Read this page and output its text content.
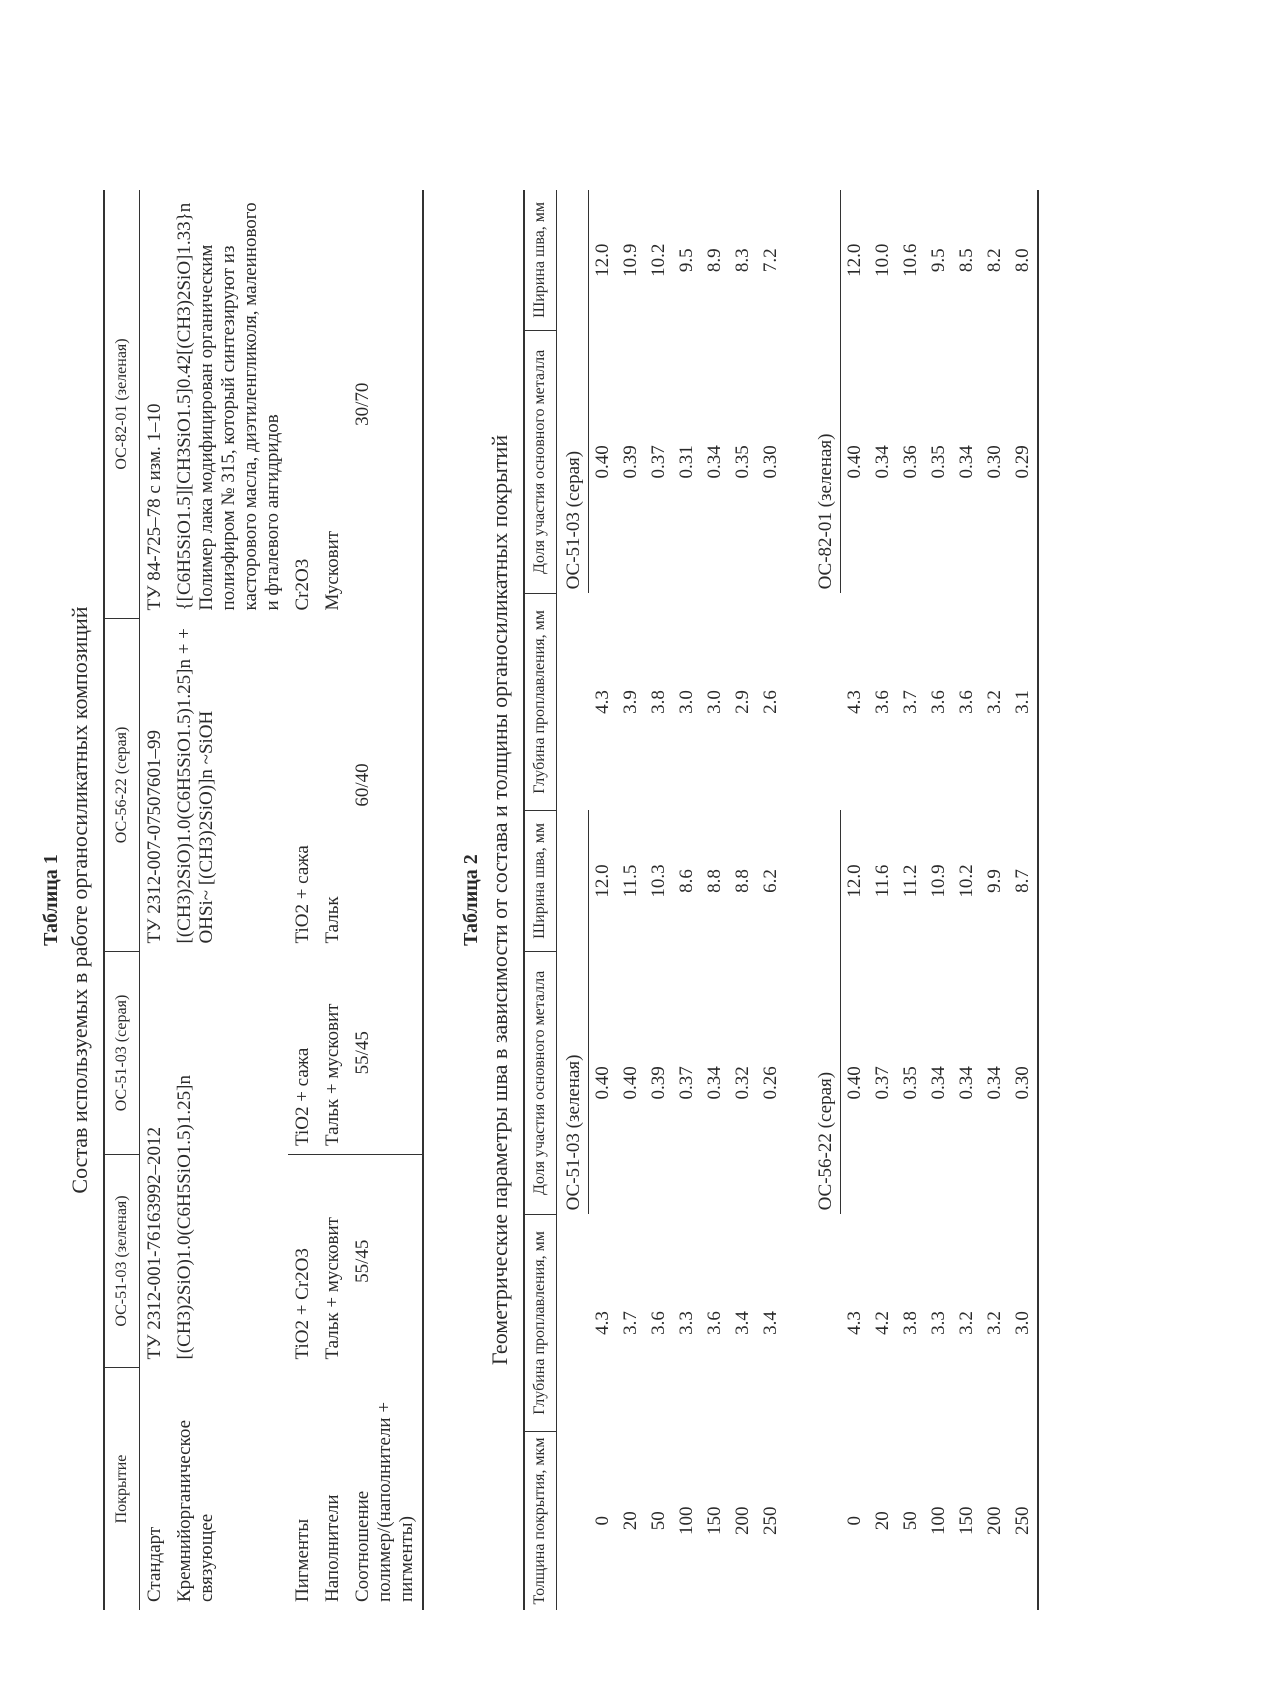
Таблица 1 Состав используемых в работе органосиликатных композиций

Покрытие	ОС-51-03 (зеленая)	ОС-51-03 (серая)	ОС-56-22 (серая)	ОС-82-01 (зеленая)
Стандарт	ТУ 2312-001-76163992–2012		ТУ 2312-007-07507601–99	ТУ 84-725–78 с изм. 1–10
Кремнийорганическое связующее	[(CH3)2SiO)1.0(C6H5SiO1.5)1.25]n		[(CH3)2SiO)1.0(C6H5SiO1.5)1.25]n + + OHSi~ [(CH3)2SiO)]n ~SiOH	{[C6H5SiO1.5][CH3SiO1.5]0.42[(CH3)2SiO]1.33}n Полимер лака модифицирован органическим полиэфиром № 315, который синтезируют из касторового масла, диэтиленгликоля, малеинового и фталевого ангидридов
Пигменты	TiO2 + Cr2O3	TiO2 + сажа	TiO2 + сажа	Cr2O3
Наполнители	Тальк + мусковит	Тальк + мусковит	Тальк	Мусковит
Соотношение полимер/(наполнители + пигменты)	55/45	55/45	60/40	30/70

Таблица 2 Геометрические параметры шва в зависимости от состава и толщины органосиликатных покрытий

Толщина покрытия, мкм	Глубина проплавления, мм	Доля участия основного металла	Ширина шва, мм	Глубина проплавления, мм	Доля участия основного металла	Ширина шва, мм
		ОС-51-03 (зеленая)			ОС-51-03 (серая)	
0	4.3	0.40	12.0	4.3	0.40	12.0
20	3.7	0.40	11.5	3.9	0.39	10.9
50	3.6	0.39	10.3	3.8	0.37	10.2
100	3.3	0.37	8.6	3.0	0.31	9.5
150	3.6	0.34	8.8	3.0	0.34	8.9
200	3.4	0.32	8.8	2.9	0.35	8.3
250	3.4	0.26	6.2	2.6	0.30	7.2

		ОС-56-22 (серая)			ОС-82-01 (зеленая)	
0	4.3	0.40	12.0	4.3	0.40	12.0
20	4.2	0.37	11.6	3.6	0.34	10.0
50	3.8	0.35	11.2	3.7	0.36	10.6
100	3.3	0.34	10.9	3.6	0.35	9.5
150	3.2	0.34	10.2	3.6	0.34	8.5
200	3.2	0.34	9.9	3.2	0.30	8.2
250	3.0	0.30	8.7	3.1	0.29	8.0
